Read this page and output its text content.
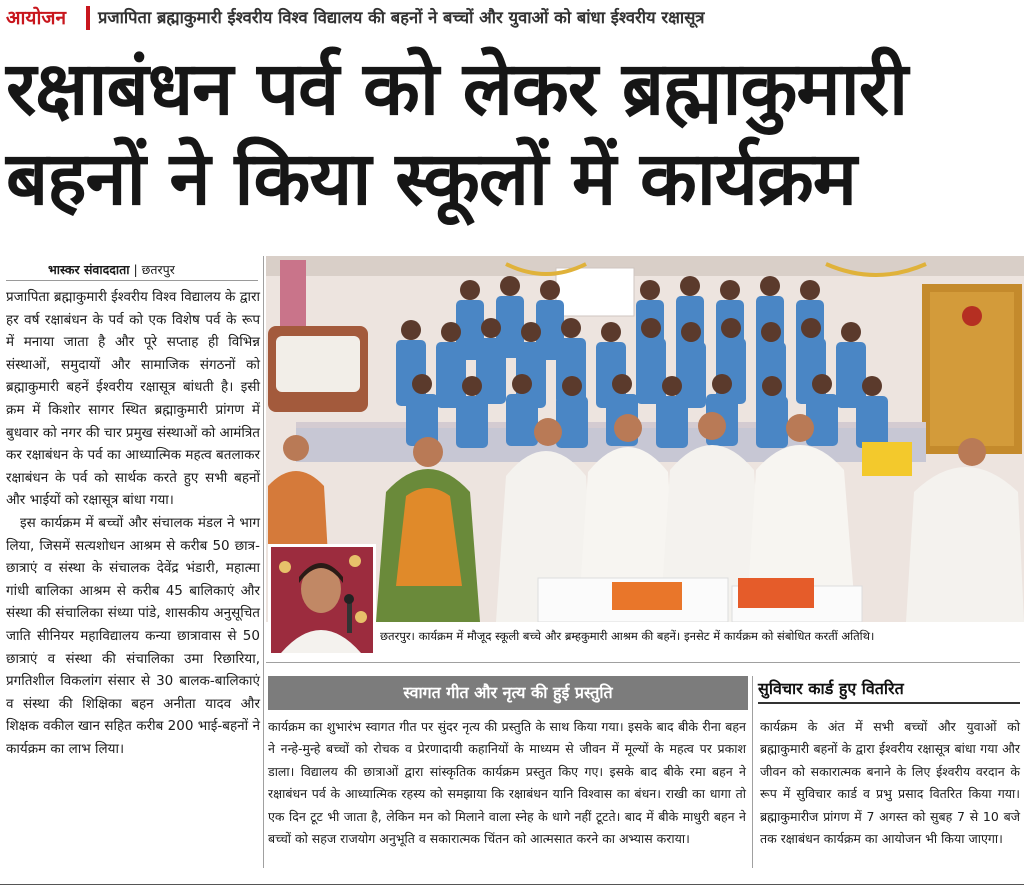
आयोजन प्रजापिता ब्रह्माकुमारी ईश्वरीय विश्व विद्यालय की बहनों ने बच्चों और युवाओं को बांधा ईश्वरीय रक्षासूत्र
रक्षाबंधन पर्व को लेकर ब्रह्माकुमारी
बहनों ने किया स्कूलों में कार्यक्रम
भास्कर संवाददाता | छतरपुर

प्रजापिता ब्रह्माकुमारी ईश्वरीय विश्व विद्यालय के द्वारा हर वर्ष रक्षाबंधन के पर्व को एक विशेष पर्व के रूप में मनाया जाता है और पूरे सप्ताह ही विभिन्न संस्थाओं, समुदायों और सामाजिक संगठनों को ब्रह्माकुमारी बहनें ईश्वरीय रक्षासूत्र बांधती है। इसी क्रम में किशोर सागर स्थित ब्रह्माकुमारी प्रांगण में बुधवार को नगर की चार प्रमुख संस्थाओं को आमंत्रित कर रक्षाबंधन के पर्व का आध्यात्मिक महत्व बतलाकर रक्षाबंधन के पर्व को सार्थक करते हुए सभी बहनों और भाईयों को रक्षासूत्र बांधा गया।

इस कार्यक्रम में बच्चों और संचालक मंडल ने भाग लिया, जिसमें सत्यशोधन आश्रम से करीब 50 छात्र-छात्राएं व संस्था के संचालक देवेंद्र भंडारी, महात्मा गांधी बालिका आश्रम से करीब 45 बालिकाएं और संस्था की संचालिका संध्या पांडे, शासकीय अनुसूचित जाति सीनियर महाविद्यालय कन्या छात्रावास से 50 छात्राएं व संस्था की संचालिका उमा रिछारिया, प्रगतिशील विकलांग संसार से 30 बालक-बालिकाएं व संस्था की शिक्षिका बहन अनीता यादव और शिक्षक वकील खान सहित करीब 200 भाई-बहनों ने कार्यक्रम का लाभ लिया।

छतरपुर। कार्यक्रम में मौजूद स्कूली बच्चे और ब्रम्हकुमारी आश्रम की बहनें। इनसेट में कार्यक्रम को संबोधित करतीं अतिथि।
स्वागत गीत और नृत्य की हुई प्रस्तुति
कार्यक्रम का शुभारंभ स्वागत गीत पर सुंदर नृत्य की प्रस्तुति के साथ किया गया। इसके बाद बीके रीना बहन ने नन्हे-मुन्हे बच्चों को रोचक व प्रेरणादायी कहानियों के माध्यम से जीवन में मूल्यों के महत्व पर प्रकाश डाला। विद्यालय की छात्राओं द्वारा सांस्कृतिक कार्यक्रम प्रस्तुत किए गए। इसके बाद बीके रमा बहन ने रक्षाबंधन पर्व के आध्यात्मिक रहस्य को समझाया कि रक्षाबंधन यानि विश्वास का बंधन। राखी का धागा तो एक दिन टूट भी जाता है, लेकिन मन को मिलाने वाला स्नेह के धागे नहीं टूटते। बाद में बीके माधुरी बहन ने बच्चों को सहज राजयोग अनुभूति व सकारात्मक चिंतन को आत्मसात करने का अभ्यास कराया।
सुविचार कार्ड हुए वितरित
कार्यक्रम के अंत में सभी बच्चों और युवाओं को ब्रह्माकुमारी बहनों के द्वारा ईश्वरीय रक्षासूत्र बांधा गया और जीवन को सकारात्मक बनाने के लिए ईश्वरीय वरदान के रूप में सुविचार कार्ड व प्रभु प्रसाद वितरित किया गया। ब्रह्माकुमारीज प्रांगण में 7 अगस्त को सुबह 7 से 10 बजे तक रक्षाबंधन कार्यक्रम का आयोजन भी किया जाएगा।
